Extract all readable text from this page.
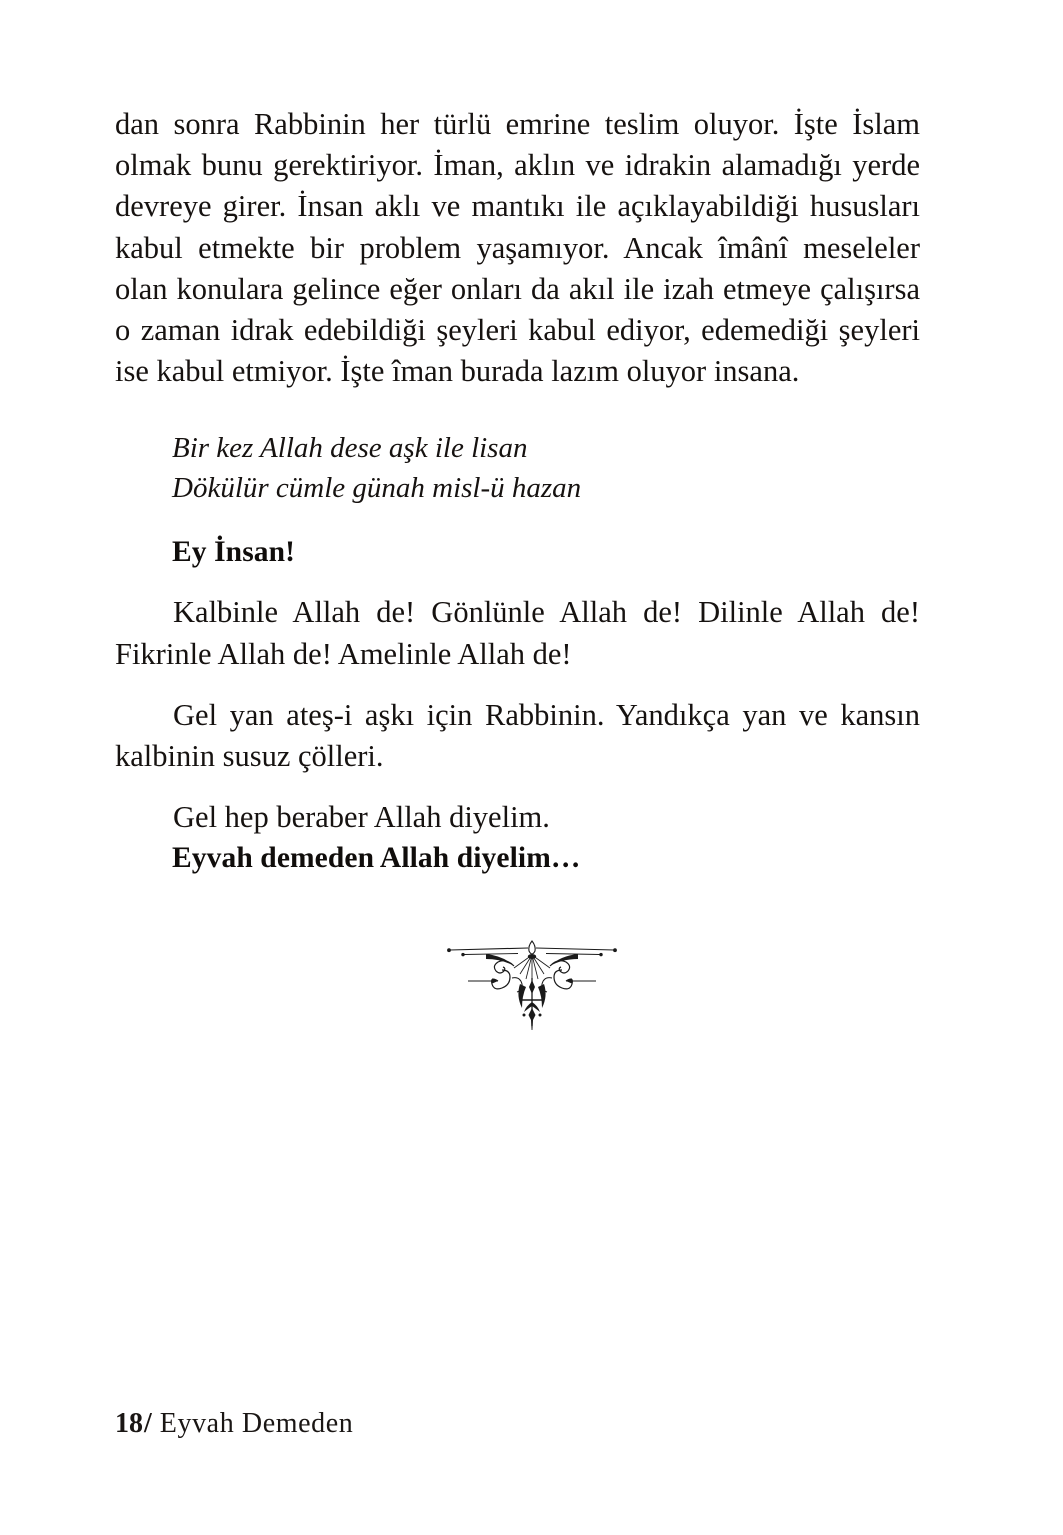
dan sonra Rabbinin her türlü emrine teslim oluyor. İşte İslam olmak bunu gerektiriyor. İman, aklın ve idrakin alamadığı yerde devreye girer. İnsan aklı ve mantıkı ile açıklayabildiği hususları kabul etmekte bir problem yaşamıyor. Ancak îmânî meseleler olan konulara gelince eğer onları da akıl ile izah etmeye çalışırsa o zaman idrak edebildiği şeyleri kabul ediyor, edemediği şeyleri ise kabul etmiyor. İşte îman burada lazım oluyor insana.

Bir kez Allah dese aşk ile lisan
Dökülür cümle günah misl-ü hazan

Ey İnsan!

Kalbinle Allah de! Gönlünle Allah de! Dilinle Allah de! Fikrinle Allah de! Amelinle Allah de!

Gel yan ateş-i aşkı için Rabbinin. Yandıkça yan ve kansın kalbinin susuz çölleri.

Gel hep beraber Allah diyelim.

Eyvah demeden Allah diyelim…

18/ Eyvah Demeden
